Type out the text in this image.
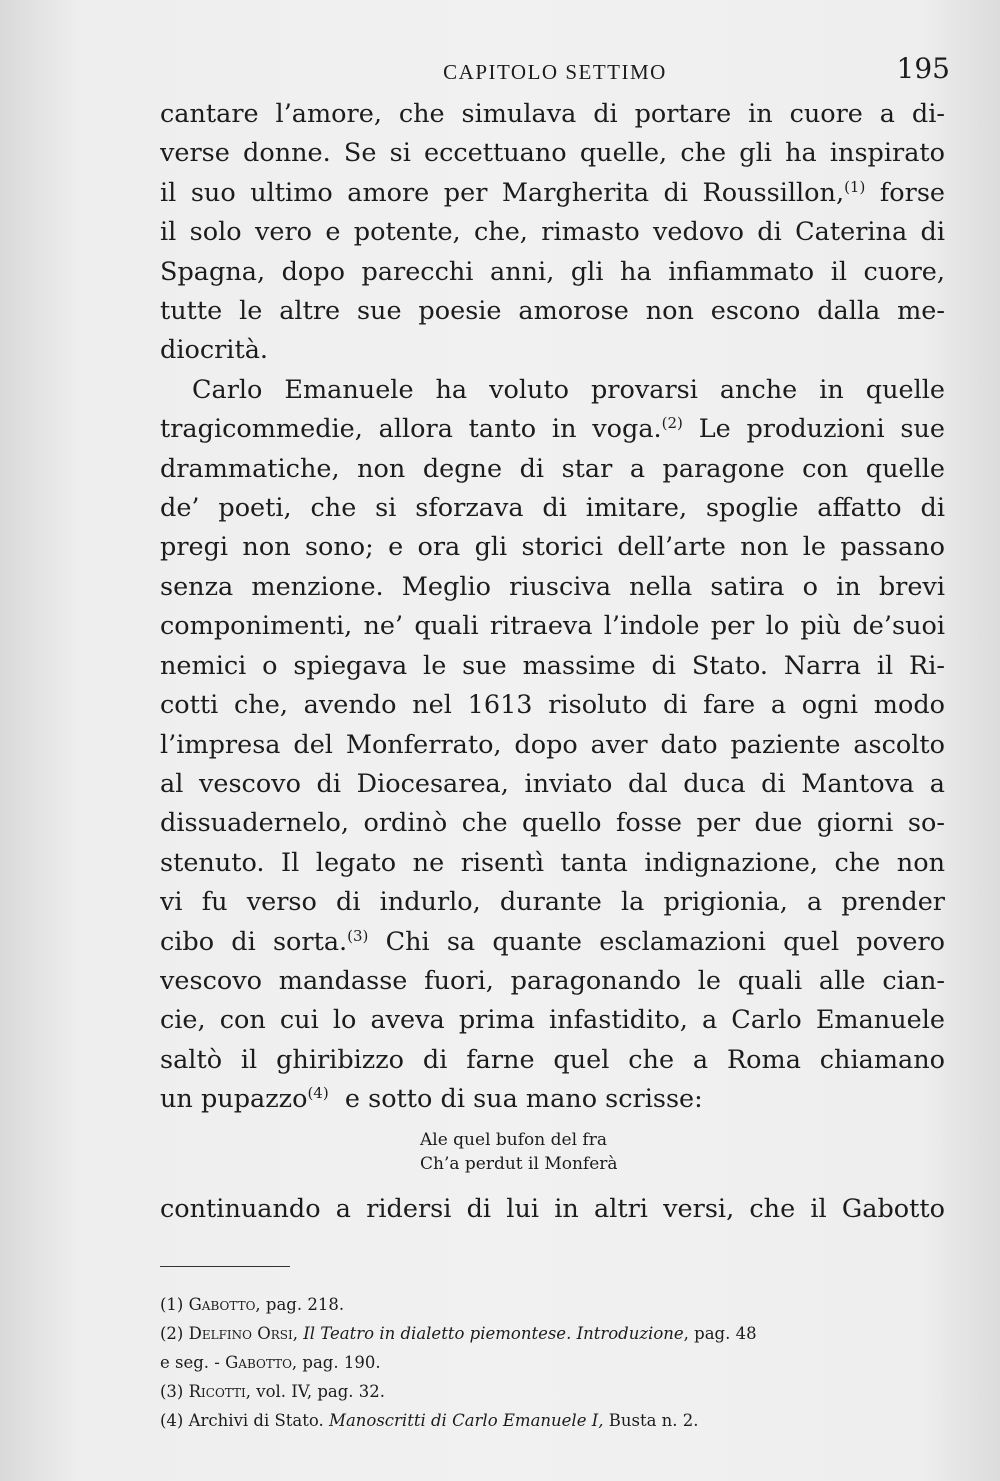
CAPITOLO SETTIMO	195
cantare l’amore, che simulava di portare in cuore a di-
verse donne. Se si eccettuano quelle, che gli ha inspirato
il suo ultimo amore per Margherita di Roussillon,$^{(1)}$ forse
il solo vero e potente, che, rimasto vedovo di Caterina di
Spagna, dopo parecchi anni, gli ha infiammato il cuore,
tutte le altre sue poesie amorose non escono dalla me-
diocrità.
Carlo Emanuele ha voluto provarsi anche in quelle
tragicommedie, allora tanto in voga.$^{(2)}$ Le produzioni sue
drammatiche, non degne di star a paragone con quelle
de’ poeti, che si sforzava di imitare, spoglie affatto di
pregi non sono; e ora gli storici dell’arte non le passano
senza menzione. Meglio riusciva nella satira o in brevi
componimenti, ne’ quali ritraeva l’indole per lo più de’suoi
nemici o spiegava le sue massime di Stato. Narra il Ri-
cotti che, avendo nel 1613 risoluto di fare a ogni modo
l’impresa del Monferrato, dopo aver dato paziente ascolto
al vescovo di Diocesarea, inviato dal duca di Mantova a
dissuadernelo, ordinò che quello fosse per due giorni so-
stenuto. Il legato ne risentì tanta indignazione, che non
vi fu verso di indurlo, durante la prigionia, a prender
cibo di sorta.$^{(3)}$ Chi sa quante esclamazioni quel povero
vescovo mandasse fuori, paragonando le quali alle cian-
cie, con cui lo aveva prima infastidito, a Carlo Emanuele
saltò il ghiribizzo di farne quel che a Roma chiamano
un pupazzo$^{(4)}$ e sotto di sua mano scrisse:
Ale quel bufon del fra
Ch’a perdut il Monferà
continuando a ridersi di lui in altri versi, che il Gabotto
(1) Gabotto, pag. 218.
(2) Delfino Orsi, Il Teatro in dialetto piemontese. Introduzione, pag. 48
e seg. - Gabotto, pag. 190.
(3) Ricotti, vol. IV, pag. 32.
(4) Archivi di Stato. Manoscritti di Carlo Emanuele I, Busta n. 2.
